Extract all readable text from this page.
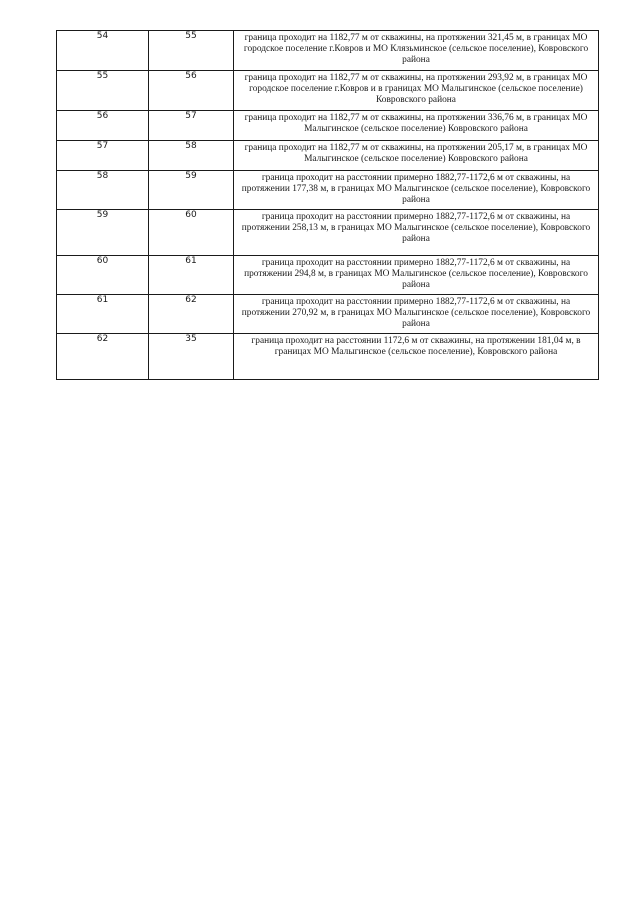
54	55	граница проходит на 1182,77 м от скважины, на протяжении 321,45 м, в границах МО городское поселение г.Ковров и МО Клязьминское (сельское поселение), Ковровского района
55	56	граница проходит на 1182,77 м от скважины, на протяжении 293,92 м, в границах МО городское поселение г.Ковров и в границах МО Малыгинское (сельское поселение) Ковровского района
56	57	граница проходит на 1182,77 м от скважины, на протяжении 336,76 м, в границах МО Малыгинское (сельское поселение) Ковровского района
57	58	граница проходит на 1182,77 м от скважины, на протяжении 205,17 м, в границах МО Малыгинское (сельское поселение) Ковровского района
58	59	граница проходит на расстоянии примерно 1882,77-1172,6 м от скважины, на протяжении 177,38 м, в границах МО Малыгинское (сельское поселение), Ковровского района
59	60	граница проходит на расстоянии примерно 1882,77-1172,6 м от скважины, на протяжении 258,13 м, в границах МО Малыгинское (сельское поселение), Ковровского района
60	61	граница проходит на расстоянии примерно 1882,77-1172,6 м от скважины, на протяжении 294,8 м, в границах МО Малыгинское (сельское поселение), Ковровского района
61	62	граница проходит на расстоянии примерно 1882,77-1172,6 м от скважины, на протяжении 270,92 м, в границах МО Малыгинское (сельское поселение), Ковровского района
62	35	граница проходит на расстоянии 1172,6 м от скважины, на протяжении 181,04 м, в границах МО Малыгинское (сельское поселение), Ковровского района
